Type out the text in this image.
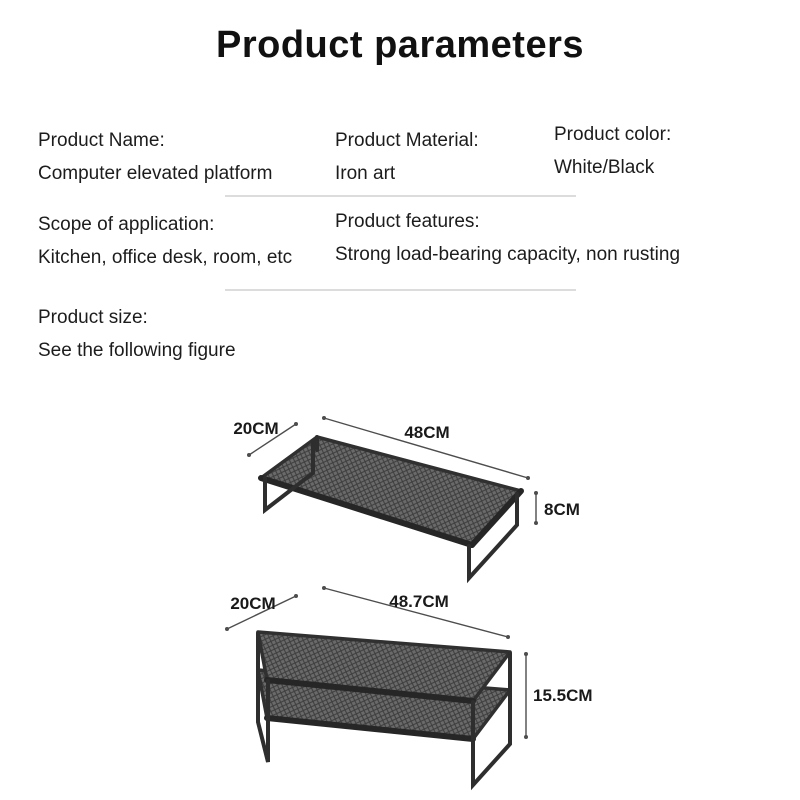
Product parameters
Product Name:
Computer elevated platform
Product Material:
Iron art
Product color:
White/Black
Scope of application:
Kitchen, office desk, room, etc
Product features:
Strong load-bearing capacity, non rusting
Product size:
See the following figure
20CM	48CM
8CM
20CM	48.7CM
15.5CM
